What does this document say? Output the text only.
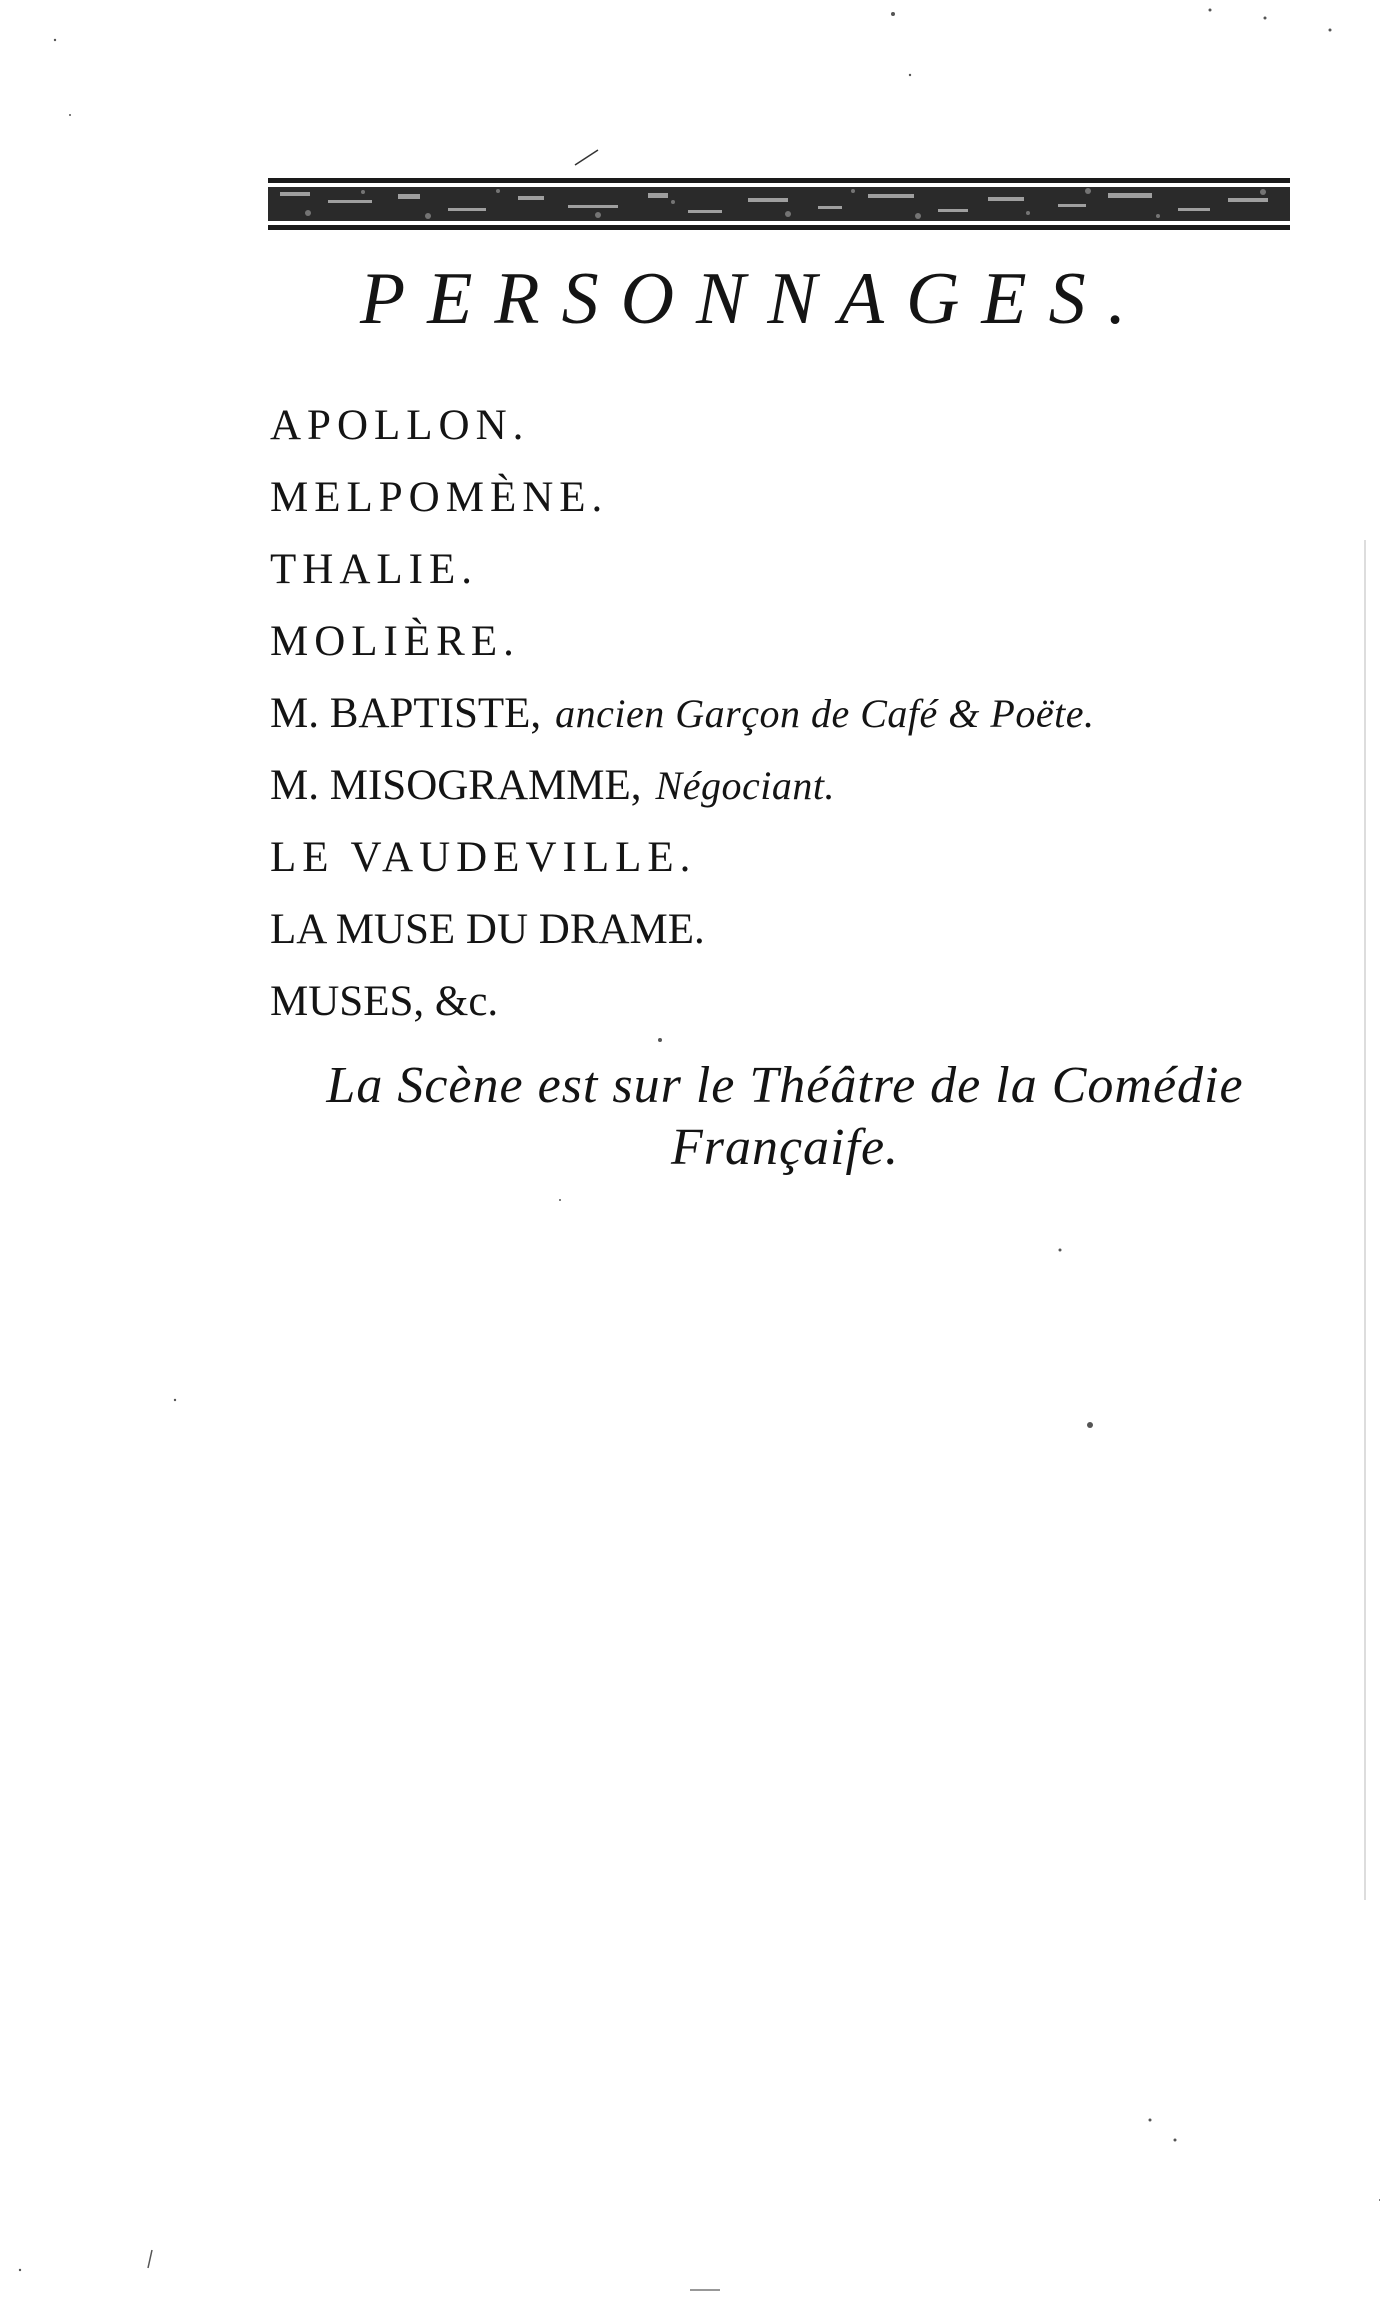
PERSONNAGES.
APOLLON.
MELPOMÈNE.
THALIE.
MOLIÈRE.
M. BAPTISTE, ancien Garçon de Café & Poëte.
M. MISOGRAMME, Négociant.
LE VAUDEVILLE.
LA MUSE DU DRAME.
MUSES, &c.
La Scène est sur le Théâtre de la Comédie
Françaife.
